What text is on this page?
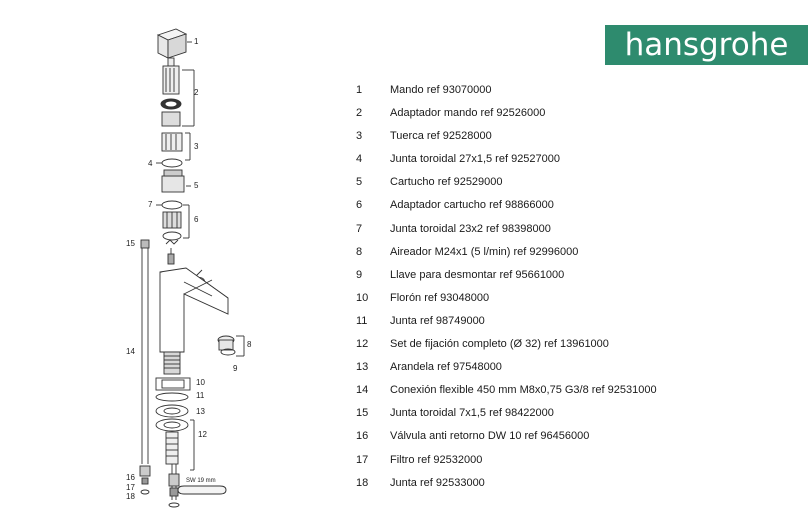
hansgrohe
1
2
3
4
5
6
7
8
9
10
11
12
13
14
15
16
17
18
SW 19 mm
1	Mando ref 93070000
2	Adaptador mando ref 92526000
3	Tuerca ref 92528000
4	Junta toroidal 27x1,5 ref 92527000
5	Cartucho ref 92529000
6	Adaptador cartucho ref 98866000
7	Junta toroidal 23x2 ref 98398000
8	Aireador M24x1 (5 l/min) ref 92996000
9	Llave para desmontar ref 95661000
10 Florón ref 93048000
11 Junta ref 98749000
12 Set de fijación completo (Ø 32) ref 13961000
13 Arandela ref 97548000
14 Conexión flexible 450 mm M8x0,75 G3/8 ref 92531000
15 Junta toroidal 7x1,5 ref 98422000
16 Válvula anti retorno DW 10 ref 96456000
17 Filtro ref 92532000
18 Junta ref 92533000
